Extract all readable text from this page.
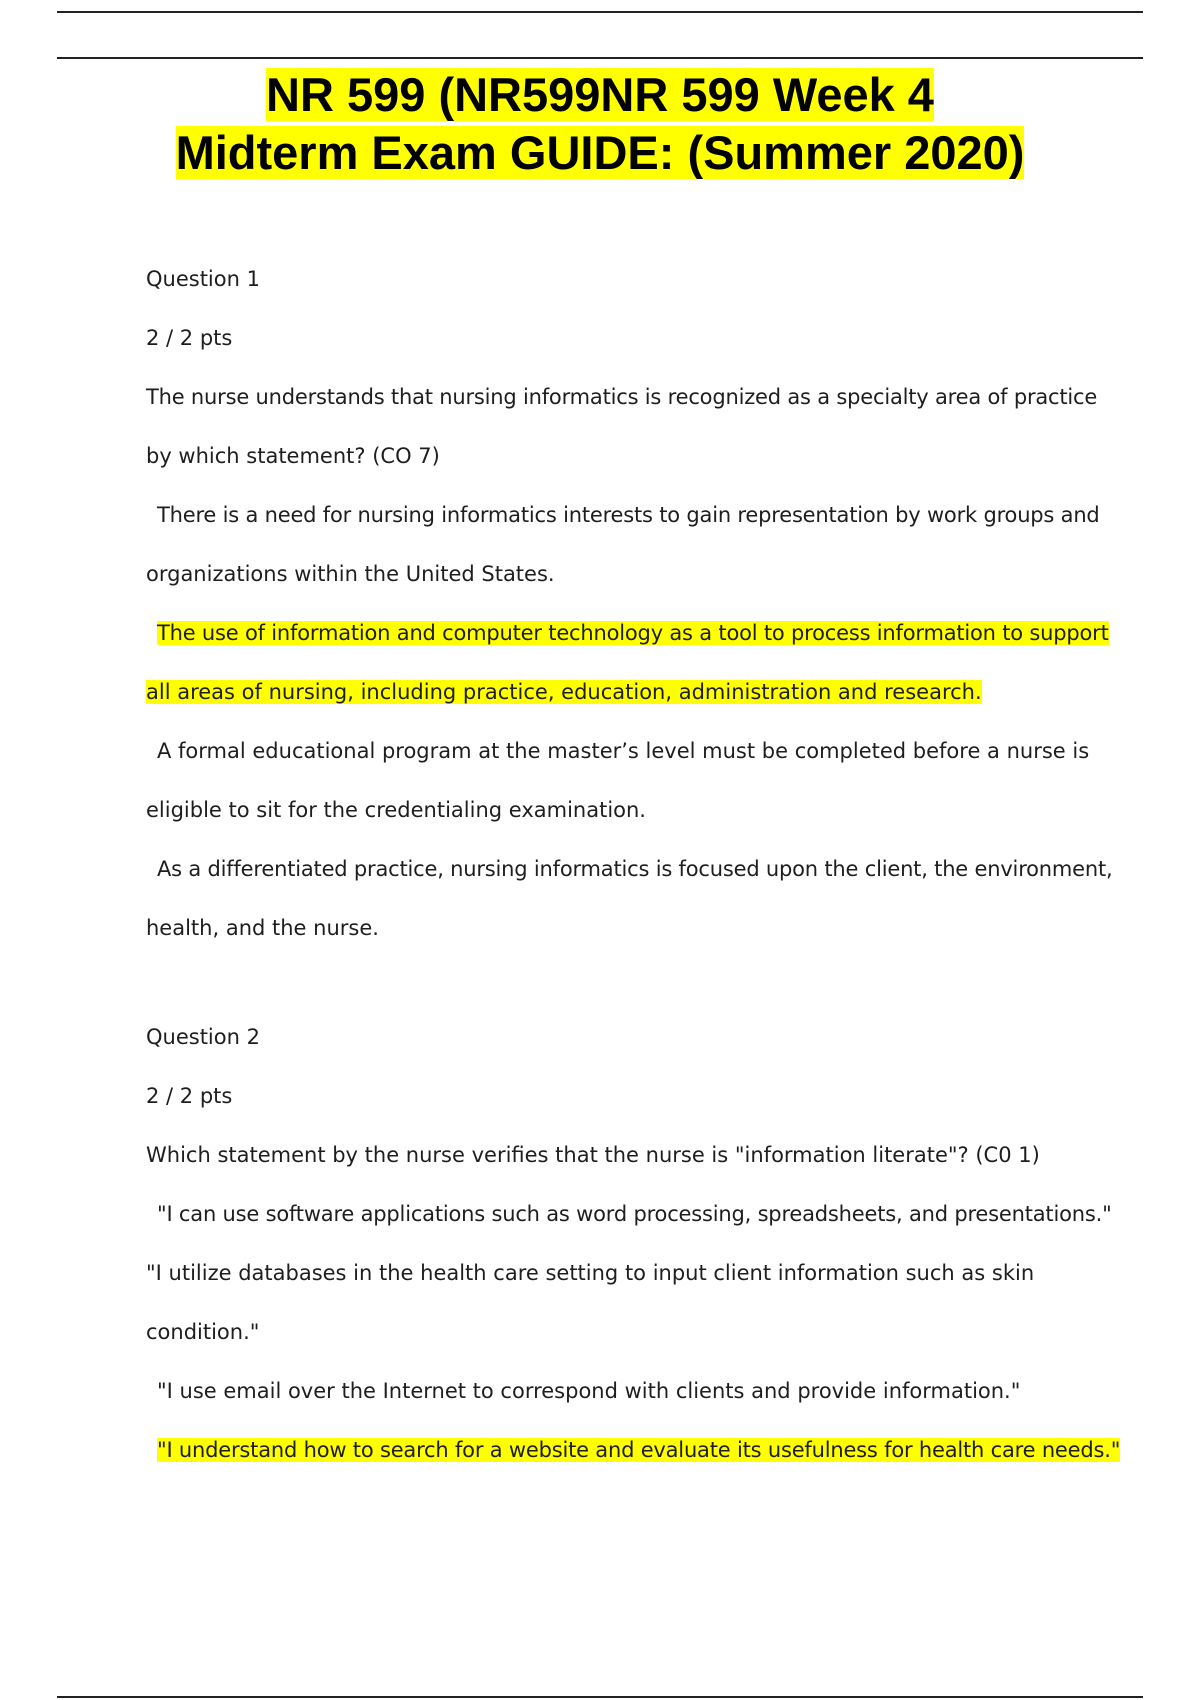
NR 599 (NR599NR 599 Week 4
Midterm Exam GUIDE: (Summer 2020)
Question 1
2 / 2 pts
The nurse understands that nursing informatics is recognized as a specialty area of practice
by which statement? (CO 7)
There is a need for nursing informatics interests to gain representation by work groups and
organizations within the United States.
The use of information and computer technology as a tool to process information to support
all areas of nursing, including practice, education, administration and research.
A formal educational program at the master’s level must be completed before a nurse is
eligible to sit for the credentialing examination.
As a differentiated practice, nursing informatics is focused upon the client, the environment,
health, and the nurse.
Question 2
2 / 2 pts
Which statement by the nurse verifies that the nurse is "information literate"? (C0 1)
"I can use software applications such as word processing, spreadsheets, and presentations."
"I utilize databases in the health care setting to input client information such as skin
condition."
"I use email over the Internet to correspond with clients and provide information."
"I understand how to search for a website and evaluate its usefulness for health care needs."
